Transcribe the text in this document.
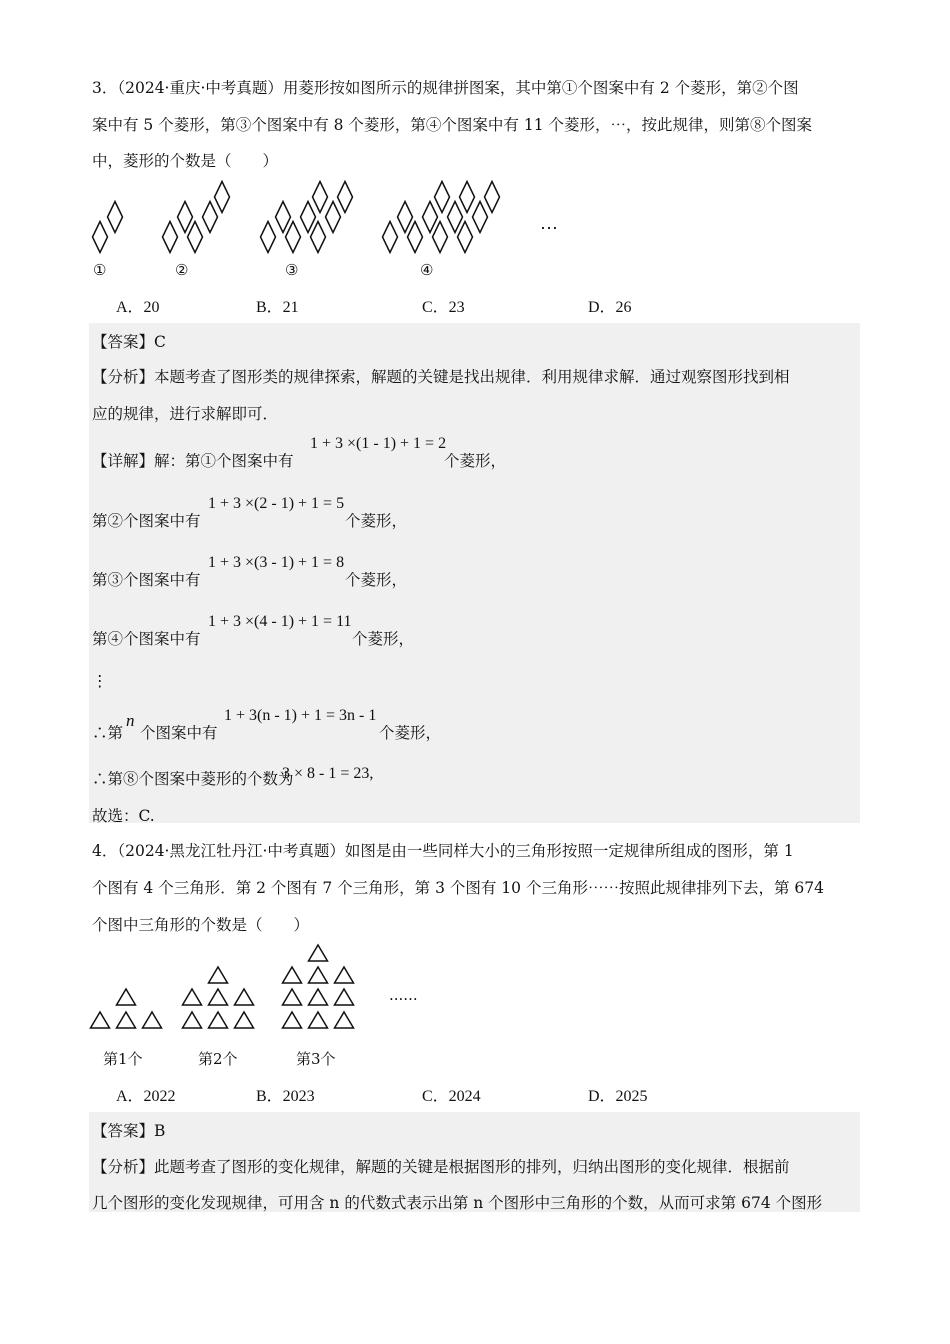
3．（2024·重庆·中考真题）用菱形按如图所示的规律拼图案，其中第①个图案中有 2 个菱形，第②个图
案中有 5 个菱形，第③个图案中有 8 个菱形，第④个图案中有 11 个菱形，⋯，按此规律，则第⑧个图案
中，菱形的个数是（　　）
①	②	③	④
⋯
A．20	B．21	C．23	D．26
【答案】C
【分析】本题考查了图形类的规律探索，解题的关键是找出规律．利用规律求解．通过观察图形找到相
应的规律，进行求解即可．
【详解】解：第①个图案中有
1 + 3 ×(1 - 1) + 1 = 2
个菱形，
第②个图案中有
1 + 3 ×(2 - 1) + 1 = 5
个菱形，
第③个图案中有
1 + 3 ×(3 - 1) + 1 = 8
个菱形，
第④个图案中有
1 + 3 ×(4 - 1) + 1 = 11
个菱形，
⋮
∴第
n
个图案中有
1 + 3(n - 1) + 1 = 3n - 1
个菱形，
∴第⑧个图案中菱形的个数为
3 × 8 - 1 = 23,
故选：C.
4．（2024·黑龙江牡丹江·中考真题）如图是由一些同样大小的三角形按照一定规律所组成的图形，第 1
个图有 4 个三角形．第 2 个图有 7 个三角形，第 3 个图有 10 个三角形⋯⋯按照此规律排列下去，第 674
个图中三角形的个数是（　　）
第1个	第2个	第3个
......
A．2022	B．2023	C．2024	D．2025
【答案】B
【分析】此题考查了图形的变化规律，解题的关键是根据图形的排列，归纳出图形的变化规律．根据前
几个图形的变化发现规律，可用含 n 的代数式表示出第 n 个图形中三角形的个数，从而可求第 674 个图形
